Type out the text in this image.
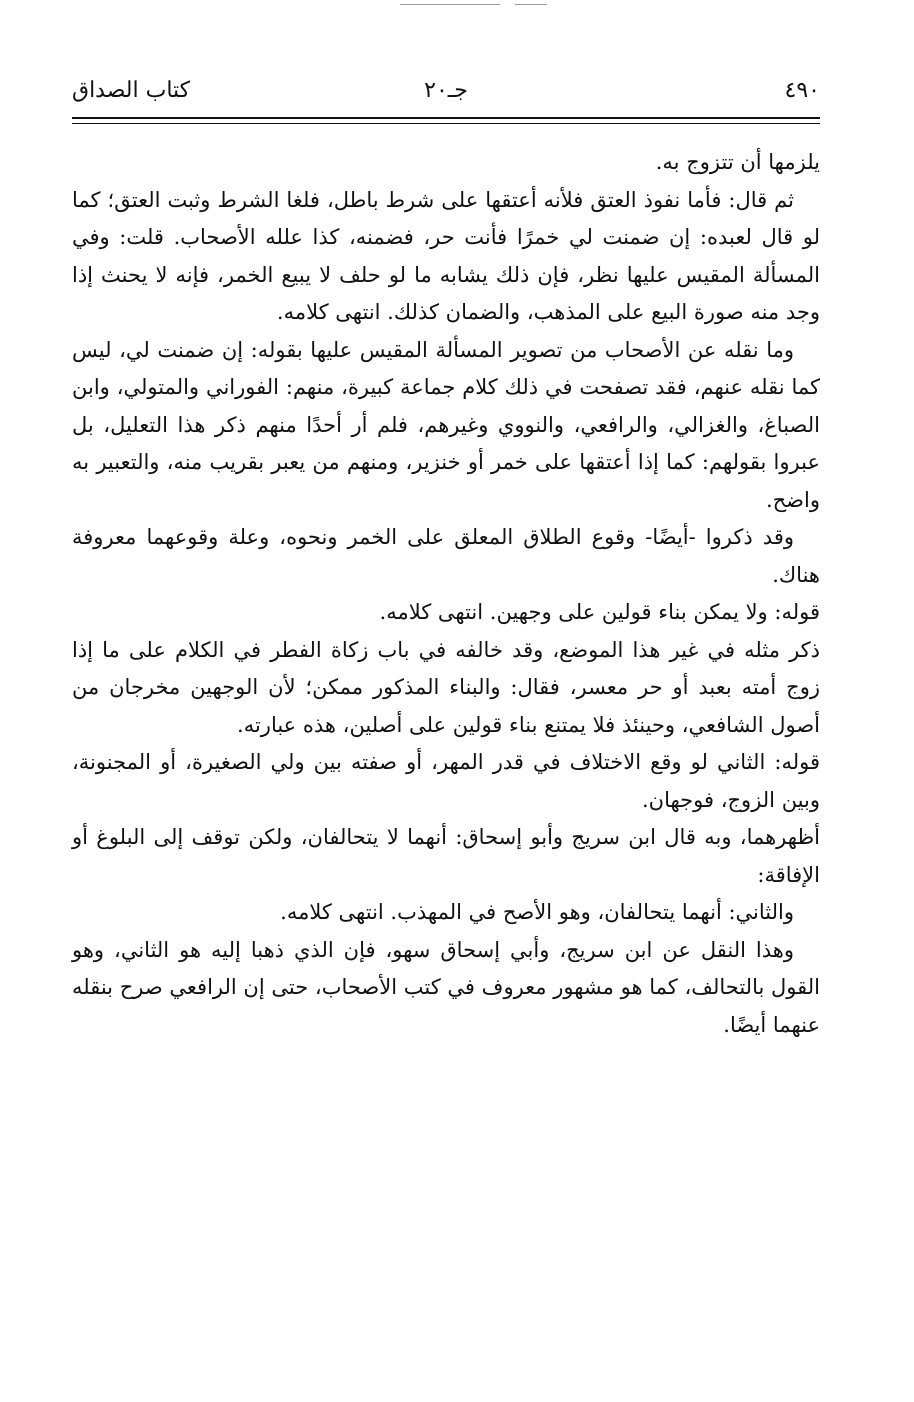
٤٩٠
جـ٢٠
كتاب الصداق

يلزمها أن تتزوج به.

ثم قال: فأما نفوذ العتق فلأنه أعتقها على شرط باطل، فلغا الشرط وثبت العتق؛ كما لو قال لعبده: إن ضمنت لي خمرًا فأنت حر، فضمنه، كذا علله الأصحاب. قلت: وفي المسألة المقيس عليها نظر، فإن ذلك يشابه ما لو حلف لا يبيع الخمر، فإنه لا يحنث إذا وجد منه صورة البيع على المذهب، والضمان كذلك. انتهى كلامه.

وما نقله عن الأصحاب من تصوير المسألة المقيس عليها بقوله: إن ضمنت لي، ليس كما نقله عنهم، فقد تصفحت في ذلك كلام جماعة كبيرة، منهم: الفوراني والمتولي، وابن الصباغ، والغزالي، والرافعي، والنووي وغيرهم، فلم أر أحدًا منهم ذكر هذا التعليل، بل عبروا بقولهم: كما إذا أعتقها على خمر أو خنزير، ومنهم من يعبر بقريب منه، والتعبير به واضح.

وقد ذكروا -أيضًا- وقوع الطلاق المعلق على الخمر ونحوه، وعلة وقوعهما معروفة هناك.

قوله: ولا يمكن بناء قولين على وجهين. انتهى كلامه.

ذكر مثله في غير هذا الموضع، وقد خالفه في باب زكاة الفطر في الكلام على ما إذا زوج أمته بعبد أو حر معسر، فقال: والبناء المذكور ممكن؛ لأن الوجهين مخرجان من أصول الشافعي، وحينئذ فلا يمتنع بناء قولين على أصلين، هذه عبارته.

قوله: الثاني لو وقع الاختلاف في قدر المهر، أو صفته بين ولي الصغيرة، أو المجنونة، وبين الزوج، فوجهان.

أظهرهما، وبه قال ابن سريج وأبو إسحاق: أنهما لا يتحالفان، ولكن توقف إلى البلوغ أو الإفاقة:

والثاني: أنهما يتحالفان، وهو الأصح في المهذب. انتهى كلامه.

وهذا النقل عن ابن سريج، وأبي إسحاق سهو، فإن الذي ذهبا إليه هو الثاني، وهو القول بالتحالف، كما هو مشهور معروف في كتب الأصحاب، حتى إن الرافعي صرح بنقله عنهما أيضًا.
